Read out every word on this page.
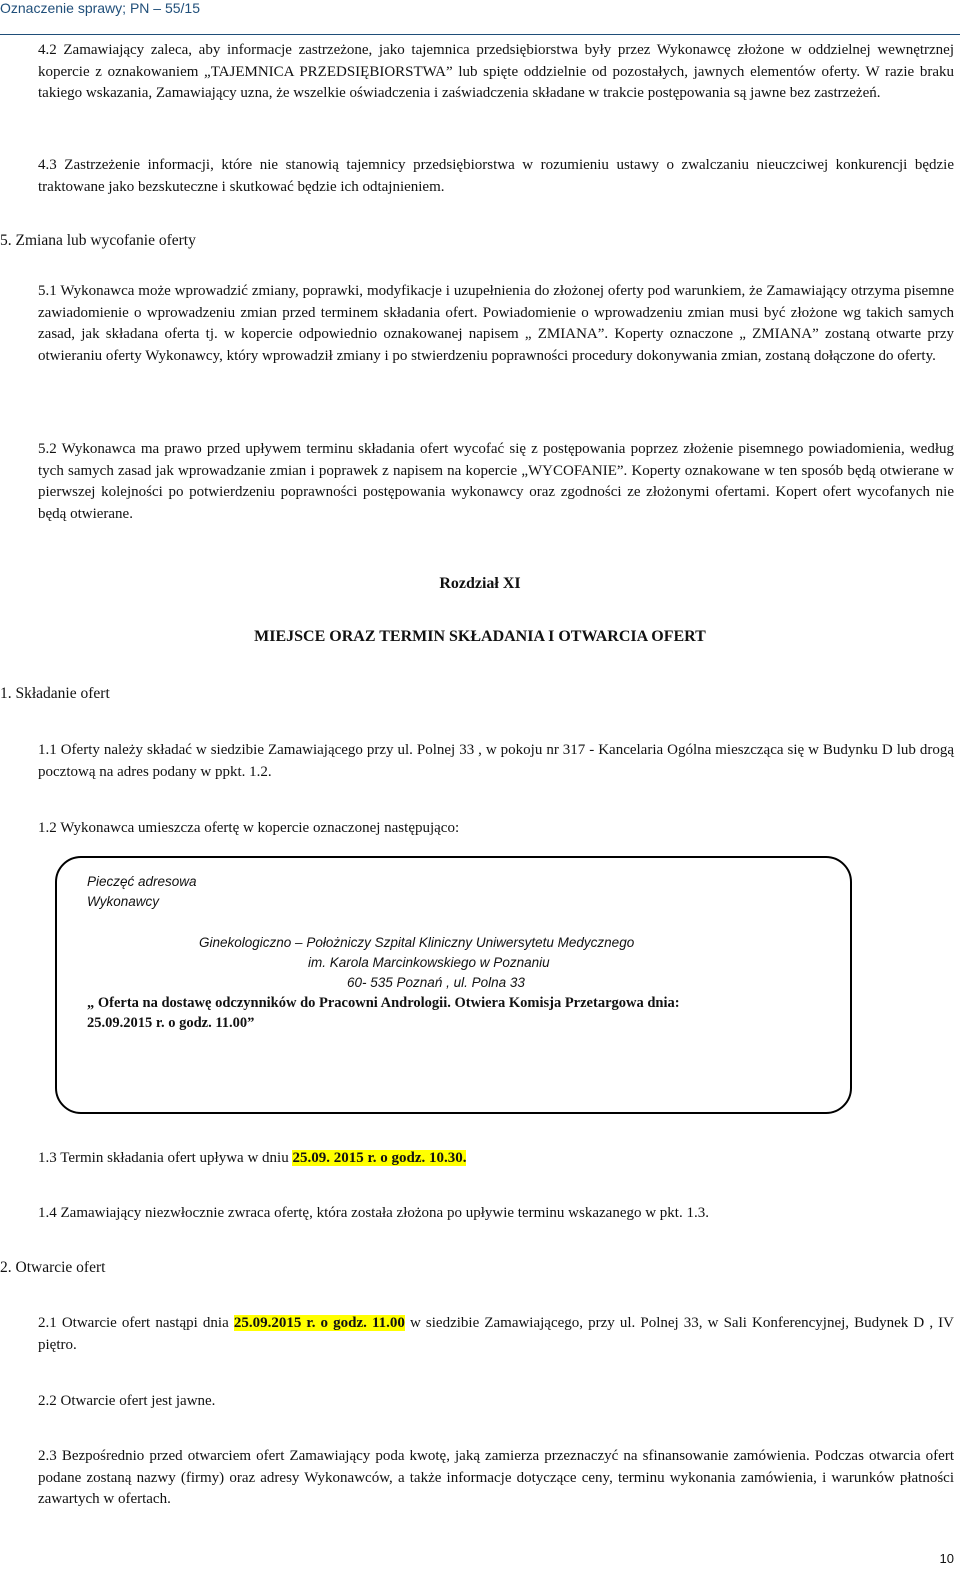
Oznaczenie sprawy; PN – 55/15
4.2 Zamawiający zaleca, aby informacje zastrzeżone, jako tajemnica przedsiębiorstwa były przez Wykonawcę złożone w oddzielnej wewnętrznej kopercie z oznakowaniem „TAJEMNICA PRZEDSIĘBIORSTWA” lub spięte oddzielnie od pozostałych, jawnych elementów oferty. W razie braku takiego wskazania, Zamawiający uzna, że wszelkie oświadczenia i zaświadczenia składane w trakcie postępowania są jawne bez zastrzeżeń.
4.3 Zastrzeżenie informacji, które nie stanowią tajemnicy przedsiębiorstwa w rozumieniu ustawy o zwalczaniu nieuczciwej konkurencji będzie traktowane jako bezskuteczne i skutkować będzie ich odtajnieniem.
5. Zmiana lub wycofanie oferty
5.1 Wykonawca może wprowadzić zmiany, poprawki, modyfikacje i uzupełnienia do złożonej oferty pod warunkiem, że Zamawiający otrzyma pisemne zawiadomienie o wprowadzeniu zmian przed terminem składania ofert. Powiadomienie o wprowadzeniu zmian musi być złożone wg takich samych zasad, jak składana oferta tj. w kopercie odpowiednio oznakowanej napisem „ ZMIANA”. Koperty oznaczone „ ZMIANA” zostaną otwarte przy otwieraniu oferty Wykonawcy, który wprowadził zmiany i po stwierdzeniu poprawności procedury dokonywania zmian, zostaną dołączone do oferty.
5.2 Wykonawca ma prawo przed upływem terminu składania ofert wycofać się z postępowania poprzez złożenie pisemnego powiadomienia, według tych samych zasad jak wprowadzanie zmian i poprawek z napisem na kopercie „WYCOFANIE”. Koperty oznakowane w ten sposób będą otwierane w pierwszej kolejności po potwierdzeniu poprawności postępowania wykonawcy oraz zgodności ze złożonymi ofertami. Kopert ofert wycofanych nie będą otwierane.
Rozdział XI
MIEJSCE ORAZ TERMIN SKŁADANIA I OTWARCIA OFERT
1. Składanie ofert
1.1 Oferty należy składać w siedzibie Zamawiającego przy ul. Polnej 33 , w pokoju nr 317 - Kancelaria Ogólna mieszcząca się w Budynku D lub drogą pocztową na adres podany w ppkt. 1.2.
1.2 Wykonawca umieszcza ofertę w kopercie oznaczonej następująco:
Pieczęć adresowa
Wykonawcy
Ginekologiczno – Położniczy Szpital Kliniczny Uniwersytetu Medycznego
im. Karola Marcinkowskiego w Poznaniu
60- 535 Poznań , ul. Polna 33
„ Oferta na dostawę odczynników do Pracowni Andrologii. Otwiera Komisja Przetargowa dnia:
25.09.2015 r. o godz. 11.00”
1.3 Termin składania ofert upływa w dniu 25.09. 2015 r. o godz. 10.30.
1.4 Zamawiający niezwłocznie zwraca ofertę, która została złożona po upływie terminu wskazanego w pkt. 1.3.
2. Otwarcie ofert
2.1 Otwarcie ofert nastąpi dnia 25.09.2015 r. o godz. 11.00 w siedzibie Zamawiającego, przy ul. Polnej 33, w Sali Konferencyjnej, Budynek D , IV piętro.
2.2 Otwarcie ofert jest jawne.
2.3 Bezpośrednio przed otwarciem ofert Zamawiający poda kwotę, jaką zamierza przeznaczyć na sfinansowanie zamówienia. Podczas otwarcia ofert podane zostaną nazwy (firmy) oraz adresy Wykonawców, a także informacje dotyczące ceny, terminu wykonania zamówienia, i warunków płatności zawartych w ofertach.
10
